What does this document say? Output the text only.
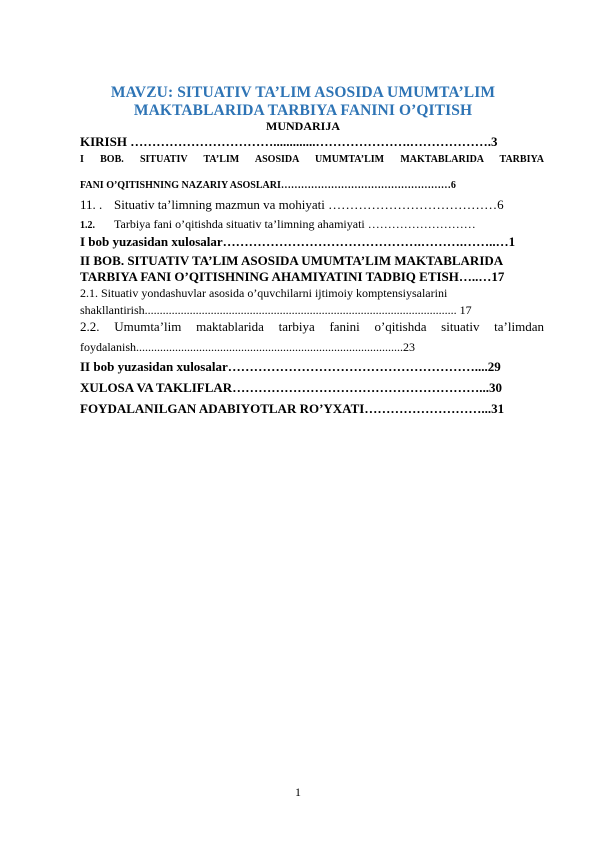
MAVZU: SITUATIV TA’LIM ASOSIDA UMUMTA’LIM
MAKTABLARIDA TARBIYA FANINI O’QITISH
MUNDARIJA
KIRISH …………………………….............………………….……………….3
I BOB. SITUATIV TA’LIM ASOSIDA UMUMTA’LIM MAKTABLARIDA TARBIYA
FANI O’QITISHNING NAZARIY ASOSLARI……………………………………………6
11. . Situativ ta’limning mazmun va mohiyati …………………………………6
1.2. Tarbiya fani o’qitishda situativ ta’limning ahamiyati ………………………
I bob yuzasidan xulosalar……………………………………….……….……..…1
II BOB. SITUATIV TA’LIM ASOSIDA UMUMTA’LIM MAKTABLARIDA
TARBIYA FANI O’QITISHNING AHAMIYATINI TADBIQ ETISH…..…17
2.1. Situativ yondashuvlar asosida o’quvchilarni ijtimoiy komptensiysalarini
shakllantirish........................................................................................................ 17
2.2. Umumta’lim maktablarida tarbiya fanini o’qitishda situativ ta’limdan
foydalanish.........................................................................................23
II bob yuzasidan xulosalar…………………………………………………....29
XULOSA VA TAKLIFLAR…………………………………………………...30
FOYDALANILGAN ADABIYOTLAR RO’YXATI………………………...31
1
